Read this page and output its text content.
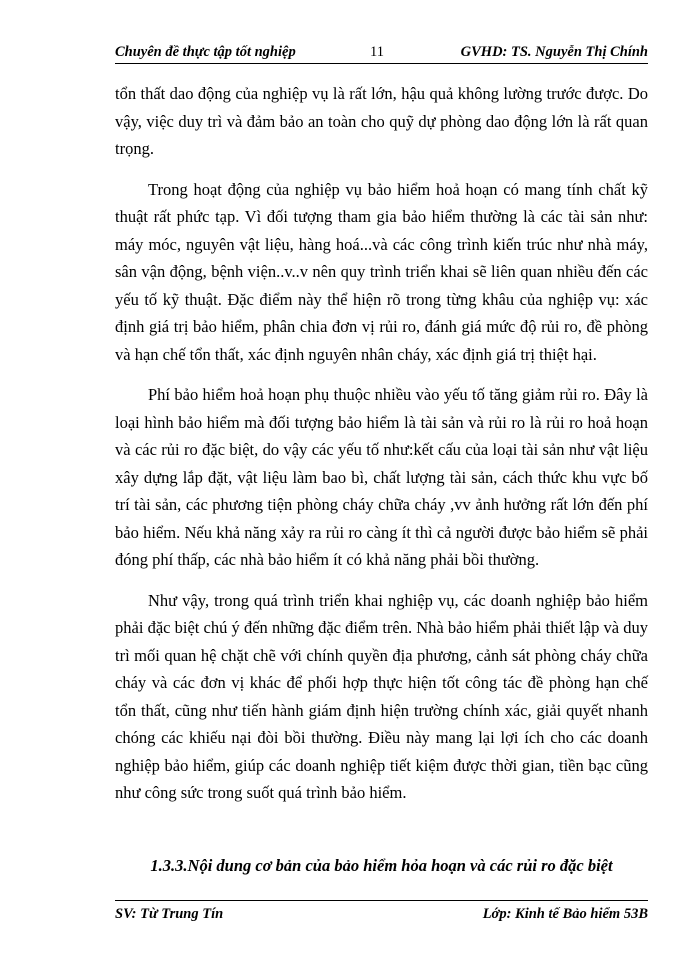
Chuyên đề thực tập tốt nghiệp	11	GVHD: TS. Nguyễn Thị Chính

tổn thất dao động của nghiệp vụ là rất lớn, hậu quả không lường trước được. Do vậy, việc duy trì và đảm bảo an toàn cho quỹ dự phòng dao động lớn là rất quan trọng.

Trong hoạt động của nghiệp vụ bảo hiểm hoả hoạn có mang tính chất kỹ thuật rất phức tạp. Vì đối tượng tham gia bảo hiểm thường là các tài sản như: máy móc, nguyên vật liệu, hàng hoá...và các công trình kiến trúc như nhà máy, sân vận động, bệnh viện..v..v nên quy trình triển khai sẽ liên quan nhiều đến các yếu tố kỹ thuật. Đặc điểm này thể hiện rõ trong từng khâu của nghiệp vụ: xác định giá trị bảo hiểm, phân chia đơn vị rủi ro, đánh giá mức độ rủi ro, đề phòng và hạn chế tổn thất, xác định nguyên nhân cháy, xác định giá trị thiệt hại.

Phí bảo hiểm hoả hoạn phụ thuộc nhiều vào yếu tố tăng giảm rủi ro. Đây là loại hình bảo hiểm mà đối tượng bảo hiểm là tài sản và rủi ro là rủi ro hoả hoạn và các rủi ro đặc biệt, do vậy các yếu tố như:kết cấu của loại tài sản như vật liệu xây dựng lắp đặt, vật liệu làm bao bì, chất lượng tài sản, cách thức khu vực bố trí tài sản, các phương tiện phòng cháy chữa cháy ,vv ảnh hưởng rất lớn đến phí bảo hiểm. Nếu khả năng xảy ra rủi ro càng ít thì cả người được bảo hiểm sẽ phải đóng phí thấp, các nhà bảo hiểm ít có khả năng phải bồi thường.

Như vậy, trong quá trình triển khai nghiệp vụ, các doanh nghiệp bảo hiểm phải đặc biệt chú ý đến những đặc điểm trên. Nhà bảo hiểm phải thiết lập và duy trì mối quan hệ chặt chẽ với chính quyền địa phương, cảnh sát phòng cháy chữa cháy và các đơn vị khác để phối hợp thực hiện tốt công tác đề phòng hạn chế tổn thất, cũng như tiến hành giám định hiện trường chính xác, giải quyết nhanh chóng các khiếu nại đòi bồi thường. Điều này mang lại lợi ích cho các doanh nghiệp bảo hiểm, giúp các doanh nghiệp tiết kiệm được thời gian, tiền bạc cũng như công sức trong suốt quá trình bảo hiểm.

1.3.3.Nội dung cơ bản của bảo hiểm hỏa hoạn và các rủi ro đặc biệt
SV: Từ Trung Tín	Lớp: Kinh tế Bảo hiểm 53B
